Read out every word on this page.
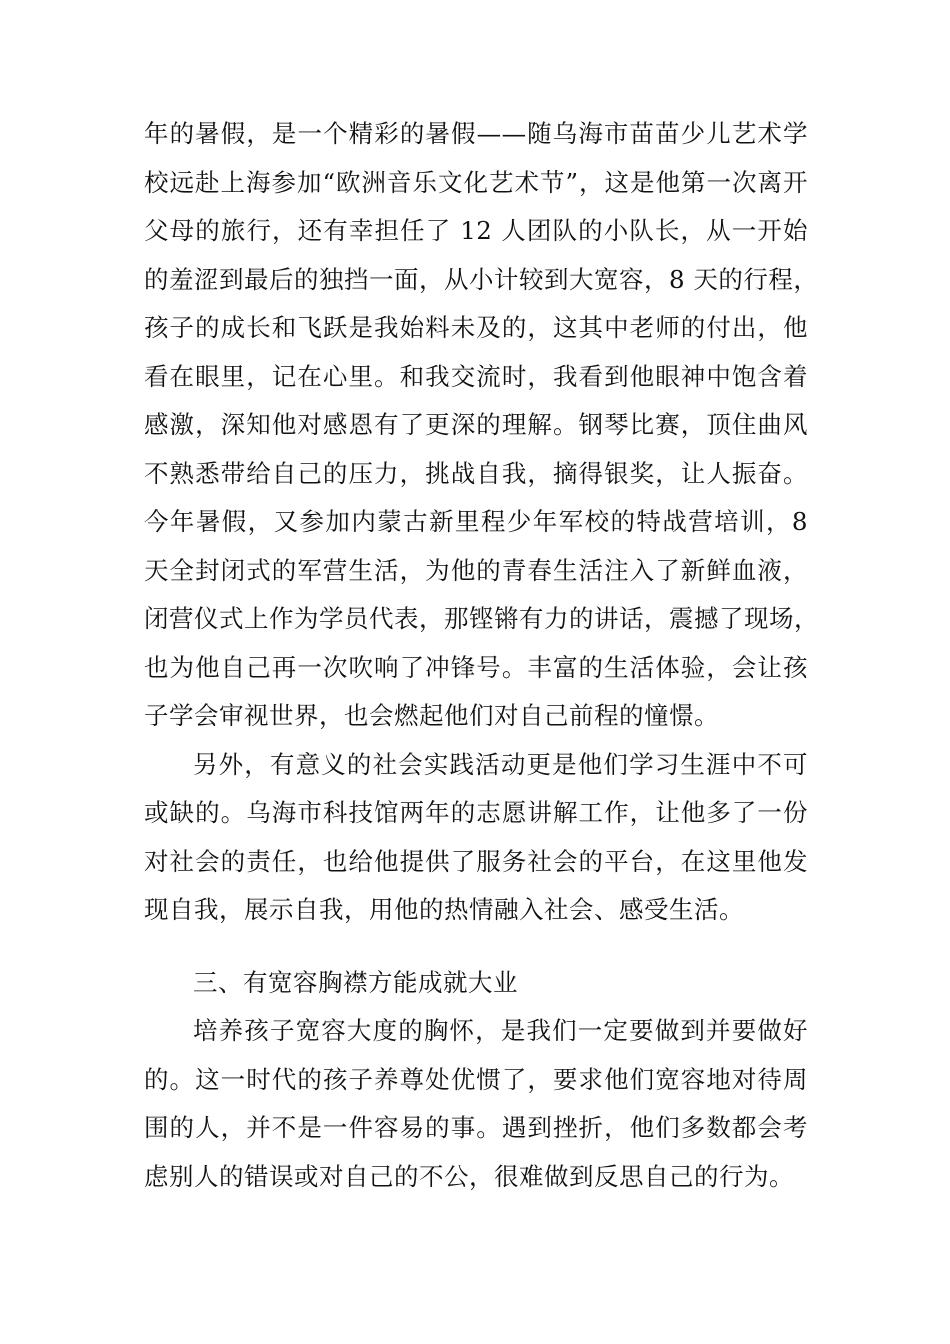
年的暑假，是一个精彩的暑假——随乌海市苗苗少儿艺术学
校远赴上海参加“欧洲音乐文化艺术节”，这是他第一次离开
父母的旅行，还有幸担任了 12 人团队的小队长，从一开始
的羞涩到最后的独挡一面，从小计较到大宽容，8 天的行程，
孩子的成长和飞跃是我始料未及的，这其中老师的付出，他
看在眼里，记在心里。和我交流时，我看到他眼神中饱含着
感激，深知他对感恩有了更深的理解。钢琴比赛，顶住曲风
不熟悉带给自己的压力，挑战自我，摘得银奖，让人振奋。
今年暑假，又参加内蒙古新里程少年军校的特战营培训，8
天全封闭式的军营生活，为他的青春生活注入了新鲜血液，
闭营仪式上作为学员代表，那铿锵有力的讲话，震撼了现场，
也为他自己再一次吹响了冲锋号。丰富的生活体验，会让孩
子学会审视世界，也会燃起他们对自己前程的憧憬。
另外，有意义的社会实践活动更是他们学习生涯中不可
或缺的。乌海市科技馆两年的志愿讲解工作，让他多了一份
对社会的责任，也给他提供了服务社会的平台，在这里他发
现自我，展示自我，用他的热情融入社会、感受生活。
三、有宽容胸襟方能成就大业
培养孩子宽容大度的胸怀，是我们一定要做到并要做好
的。这一时代的孩子养尊处优惯了，要求他们宽容地对待周
围的人，并不是一件容易的事。遇到挫折，他们多数都会考
虑别人的错误或对自己的不公，很难做到反思自己的行为。
